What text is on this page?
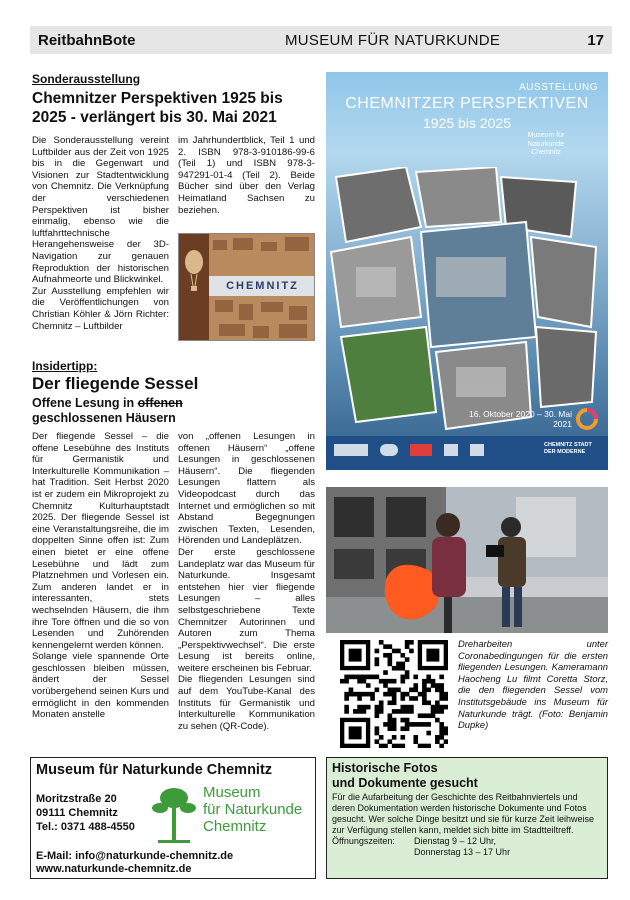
ReitbahnBote	MUSEUM FÜR NATURKUNDE	17
Sonderausstellung
Chemnitzer Perspektiven 1925 bis 2025 - verlängert bis 30. Mai 2021
Die Sonderausstellung vereint Luftbilder aus der Zeit von 1925 bis in die Gegenwart und Visionen zur Stadtentwicklung von Chemnitz. Die Verknüpfung der verschiedenen Perspektiven ist bisher einmalig, ebenso wie die luftfahrttechnische Herangehensweise der 3D-Navigation zur genauen Reproduktion der historischen Aufnahmeorte und Blickwinkel.
Zur Ausstellung empfehlen wir die Veröffentlichungen von Christian Köhler & Jörn Richter: Chemnitz – Luftbilder
im Jahrhundertblick, Teil 1 und 2. ISBN 978-3-910186-99-6 (Teil 1) und ISBN 978-3-947291-01-4 (Teil 2). Beide Bücher sind über den Verlag Heimatland Sachsen zu beziehen.
CHEMNITZ
AUSSTELLUNG
CHEMNITZER PERSPEKTIVEN
1925 bis 2025
Museum für Naturkunde Chemnitz
16. Oktober 2020 – 30. Mai 2021
CHEMNITZ STADT DER MODERNE
Insidertipp:
Der fliegende Sessel
Offene Lesung in offenen
geschlossenen Häusern
Der fliegende Sessel – die offene Lesebühne des Instituts für Germanistik und Interkulturelle Kommunikation – hat Tradition. Seit Herbst 2020 ist er zudem ein Mikroprojekt zu Chemnitz Kulturhauptstadt 2025. Der fliegende Sessel ist eine Veranstaltungsreihe, die im doppelten Sinne offen ist: Zum einen bietet er eine offene Lesebühne und lädt zum Platznehmen und Vorlesen ein. Zum anderen landet er in interessanten, stets wechselnden Häusern, die ihm ihre Tore öffnen und die so von Lesenden und Zuhörenden kennengelernt werden können.
Solange viele spannende Orte geschlossen bleiben müssen, ändert der Sessel vorübergehend seinen Kurs und ermöglicht in den kommenden Monaten anstelle
von „offenen Lesungen in offenen Häusern“ „offene Lesungen in geschlossenen Häusern“. Die fliegenden Lesungen flattern als Videopodcast durch das Internet und ermöglichen so mit Abstand Begegnungen zwischen Texten, Lesenden, Hörenden und Landeplätzen.
Der erste geschlossene Landeplatz war das Museum für Naturkunde. Insgesamt entstehen hier vier fliegende Lesungen – alles selbstgeschriebene Texte Chemnitzer Autorinnen und Autoren zum Thema „Perspektivwechsel“. Die erste Lesung ist bereits online, weitere erscheinen bis Februar.
Die fliegenden Lesungen sind auf dem YouTube-Kanal des Instituts für Germanistik und Interkulturelle Kommunikation zu sehen (QR-Code).
Dreharbeiten unter Coronabedingungen für die ersten fliegenden Lesungen. Kameramann Haocheng Lu filmt Coretta Storz, die den fliegenden Sessel vom Institutsgebäude ins Museum für Naturkunde trägt. (Foto: Benjamin Dupke)
Museum für Naturkunde Chemnitz
Moritzstraße 20
09111 Chemnitz
Tel.: 0371 488-4550
Museum
für Naturkunde
Chemnitz
E-Mail: info@naturkunde-chemnitz.de
www.naturkunde-chemnitz.de
Historische Fotos
und Dokumente gesucht
Für die Aufarbeitung der Geschichte des Reitbahnviertels und deren Dokumentation werden historische Dokumente und Fotos gesucht. Wer solche Dinge besitzt und sie für kurze Zeit leihweise zur Verfügung stellen kann, meldet sich bitte im Stadtteiltreff.
Öffnungszeiten:	Dienstag 9 – 12 Uhr,
Donnerstag 13 – 17 Uhr
